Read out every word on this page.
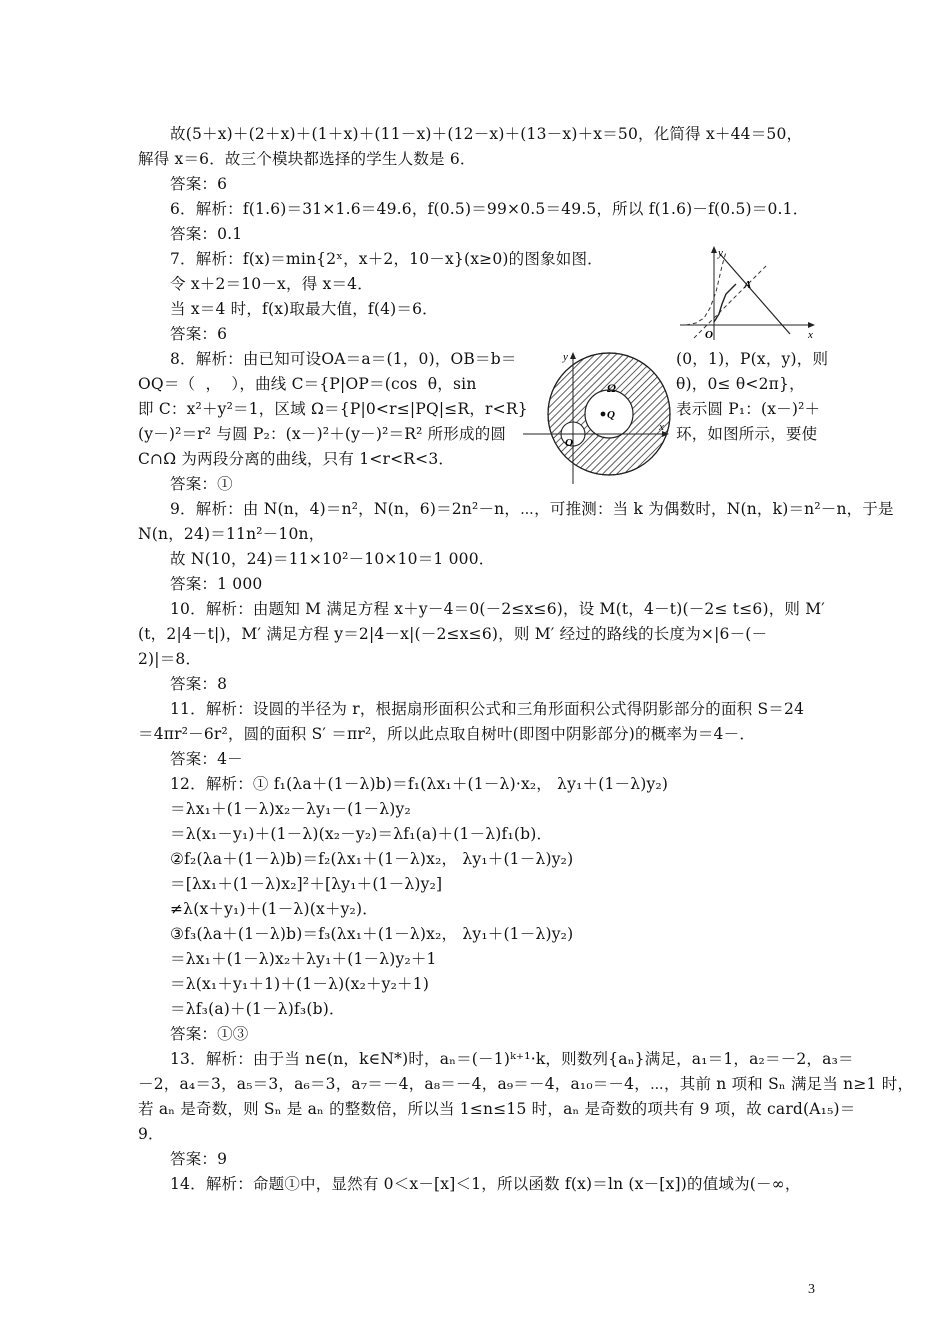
故(5＋x)＋(2＋x)＋(1＋x)＋(11－x)＋(12－x)＋(13－x)＋x＝50，化简得 x＋44＝50，
解得 x＝6．故三个模块都选择的学生人数是 6．
答案：6
6．解析：f(1.6)＝31×1.6＝49.6，f(0.5)＝99×0.5＝49.5，所以 f(1.6)－f(0.5)＝0.1．
答案：0.1
7．解析：f(x)＝min{2ˣ，x＋2，10－x}(x≥0)的图象如图．
令 x＋2＝10－x，得 x＝4．
当 x＝4 时，f(x)取最大值，f(4)＝6．
答案：6
8．解析：由已知可设OA＝a＝(1，0)，OB＝b＝
OQ＝（  ，  ），曲线 C＝{P|OP＝(cos  θ，sin
即 C：x²＋y²＝1，区域 Ω＝{P|0<r≤|PQ|≤R，r<R}
(y－)²＝r² 与圆 P₂：(x－)²＋(y－)²＝R² 所形成的圆
C∩Ω 为两段分离的曲线，只有 1<r<R<3．
(0，1)，P(x，y)，则
θ)，0≤ θ<2π}，
表示圆 P₁：(x－)²＋
环，如图所示，要使
答案：①
9．解析：由 N(n，4)＝n²，N(n，6)＝2n²－n，⋯，可推测：当 k 为偶数时，N(n，k)＝n²－n，于是
N(n，24)＝11n²－10n，
故 N(10，24)＝11×10²－10×10＝1 000．
答案：1 000
10．解析：由题知 M 满足方程 x＋y－4＝0(－2≤x≤6)，设 M(t，4－t)(－2≤ t≤6)，则 M′
(t，2|4－t|)，M′ 满足方程 y＝2|4－x|(－2≤x≤6)，则 M′ 经过的路线的长度为×|6－(－
2)|＝8．
答案：8
11．解析：设圆的半径为 r，根据扇形面积公式和三角形面积公式得阴影部分的面积 S＝24
＝4πr²－6r²，圆的面积 S′ ＝πr²，所以此点取自树叶(即图中阴影部分)的概率为＝4－．
答案：4－
12．解析：① f₁(λa＋(1－λ)b)＝f₁(λx₁＋(1－λ)·x₂， λy₁＋(1－λ)y₂)
＝λx₁＋(1－λ)x₂－λy₁－(1－λ)y₂
＝λ(x₁－y₁)＋(1－λ)(x₂－y₂)＝λf₁(a)＋(1－λ)f₁(b)．
②f₂(λa＋(1－λ)b)＝f₂(λx₁＋(1－λ)x₂， λy₁＋(1－λ)y₂)
＝[λx₁＋(1－λ)x₂]²＋[λy₁＋(1－λ)y₂]
≠λ(x＋y₁)＋(1－λ)(x＋y₂)．
③f₃(λa＋(1－λ)b)＝f₃(λx₁＋(1－λ)x₂， λy₁＋(1－λ)y₂)
＝λx₁＋(1－λ)x₂＋λy₁＋(1－λ)y₂＋1
＝λ(x₁＋y₁＋1)＋(1－λ)(x₂＋y₂＋1)
＝λf₃(a)＋(1－λ)f₃(b)．
答案：①③
13．解析：由于当 n∈(n，k∈N*)时，aₙ＝(－1)ᵏ⁺¹·k，则数列{aₙ}满足，a₁＝1，a₂＝－2，a₃＝
－2，a₄＝3，a₅＝3，a₆＝3，a₇＝－4，a₈＝－4，a₉＝－4，a₁₀＝－4，⋯，其前 n 项和 Sₙ 满足当 n≥1 时，
若 aₙ 是奇数，则 Sₙ 是 aₙ 的整数倍，所以当 1≤n≤15 时，aₙ 是奇数的项共有 9 项，故 card(A₁₅)＝
9．
答案：9
14．解析：命题①中，显然有 0＜x－[x]＜1，所以函数 f(x)＝ln (x－[x])的值域为(－∞，
y
x
O
A
y
x
O
Ω
Q
3
